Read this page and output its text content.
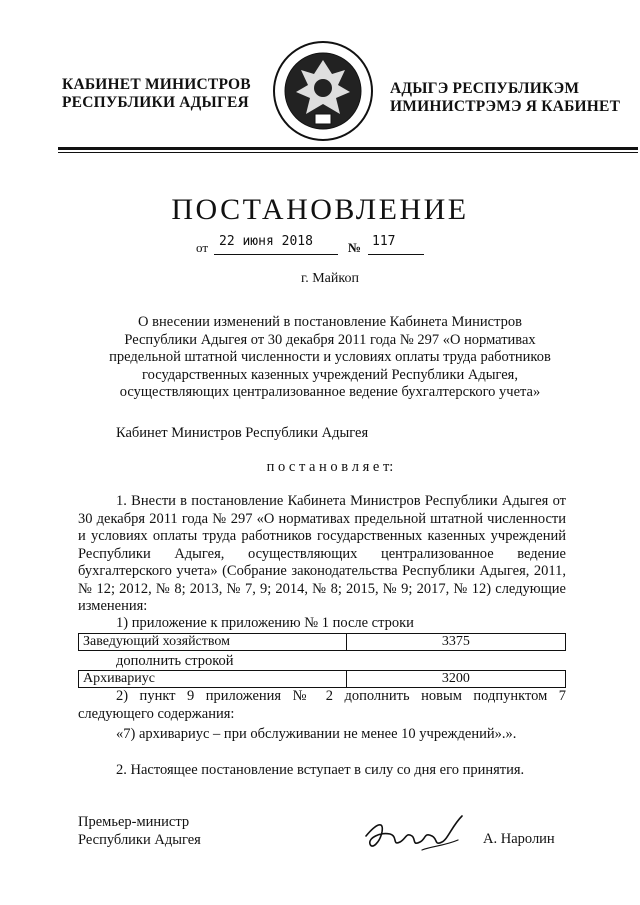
КАБИНЕТ МИНИСТРОВ
РЕСПУБЛИКИ АДЫГЕЯ
АДЫГЭ РЕСПУБЛИКЭМ
ИМИНИСТРЭМЭ Я КАБИНЕТ
ПОСТАНОВЛЕНИЕ
от 22 июня 2018	№ 117
г. Майкоп
О внесении изменений в постановление Кабинета Министров
Республики Адыгея от 30 декабря 2011 года № 297 «О нормативах
предельной штатной численности и условиях оплаты труда работников
государственных казенных учреждений Республики Адыгея,
осуществляющих централизованное ведение бухгалтерского учета»
Кабинет Министров Республики Адыгея
п о с т а н о в л я е т:
1. Внести в постановление Кабинета Министров Республики Адыгея от 30 декабря 2011 года № 297 «О нормативах предельной штатной численности и условиях оплаты труда работников государственных казенных учреждений Республики Адыгея, осуществляющих централизованное ведение бухгалтерского учета» (Собрание законодательства Республики Адыгея, 2011, № 12; 2012, № 8; 2013, № 7, 9; 2014, № 8; 2015, № 9; 2017, № 12) следующие изменения:
1) приложение к приложению № 1 после строки
Заведующий хозяйством	3375
дополнить строкой
Архивариус	3200
2) пункт 9 приложения № 2 дополнить новым подпунктом 7 следующего содержания:
«7) архивариус – при обслуживании не менее 10 учреждений».».
2. Настоящее постановление вступает в силу со дня его принятия.
Премьер-министр
Республики Адыгея	А. Наролин
